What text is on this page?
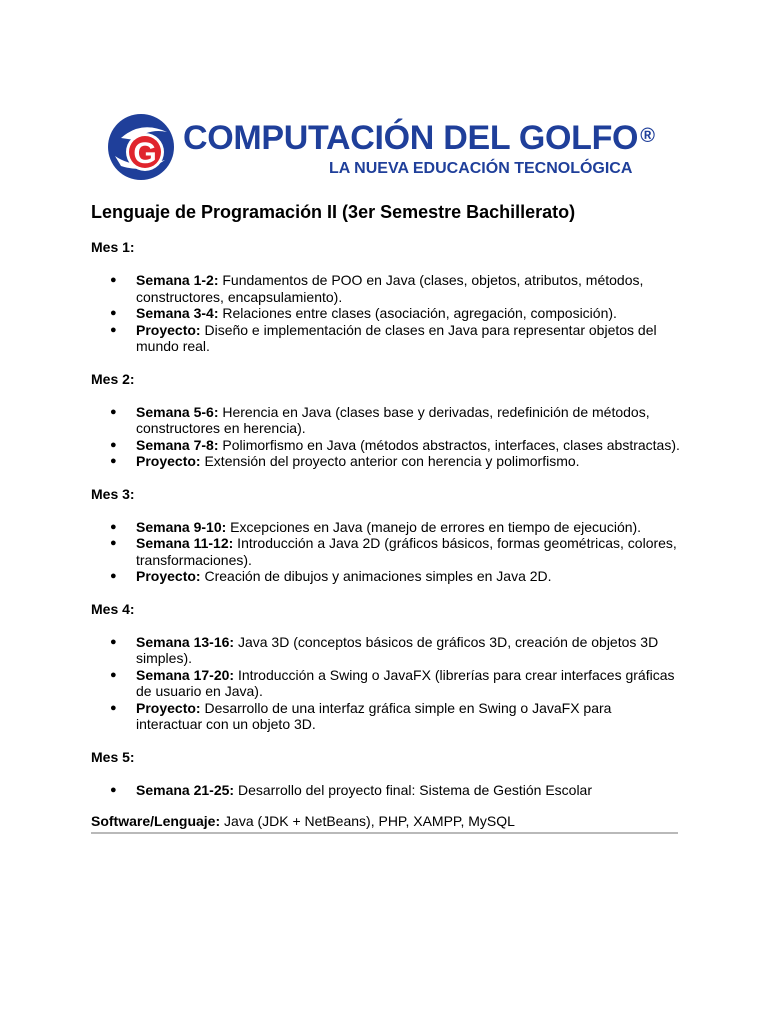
G COMPUTACIÓN DEL GOLFO ®
LA NUEVA EDUCACIÓN TECNOLÓGICA
Lenguaje de Programación II (3er Semestre Bachillerato)

Mes 1:

● Semana 1-2: Fundamentos de POO en Java (clases, objetos, atributos, métodos, constructores, encapsulamiento).
● Semana 3-4: Relaciones entre clases (asociación, agregación, composición).
● Proyecto: Diseño e implementación de clases en Java para representar objetos del mundo real.

Mes 2:

● Semana 5-6: Herencia en Java (clases base y derivadas, redefinición de métodos, constructores en herencia).
● Semana 7-8: Polimorfismo en Java (métodos abstractos, interfaces, clases abstractas).
● Proyecto: Extensión del proyecto anterior con herencia y polimorfismo.

Mes 3:

● Semana 9-10: Excepciones en Java (manejo de errores en tiempo de ejecución).
● Semana 11-12: Introducción a Java 2D (gráficos básicos, formas geométricas, colores, transformaciones).
● Proyecto: Creación de dibujos y animaciones simples en Java 2D.

Mes 4:

● Semana 13-16: Java 3D (conceptos básicos de gráficos 3D, creación de objetos 3D simples).
● Semana 17-20: Introducción a Swing o JavaFX (librerías para crear interfaces gráficas de usuario en Java).
● Proyecto: Desarrollo de una interfaz gráfica simple en Swing o JavaFX para interactuar con un objeto 3D.

Mes 5:

● Semana 21-25: Desarrollo del proyecto final: Sistema de Gestión Escolar

Software/Lenguaje: Java (JDK + NetBeans), PHP, XAMPP, MySQL
